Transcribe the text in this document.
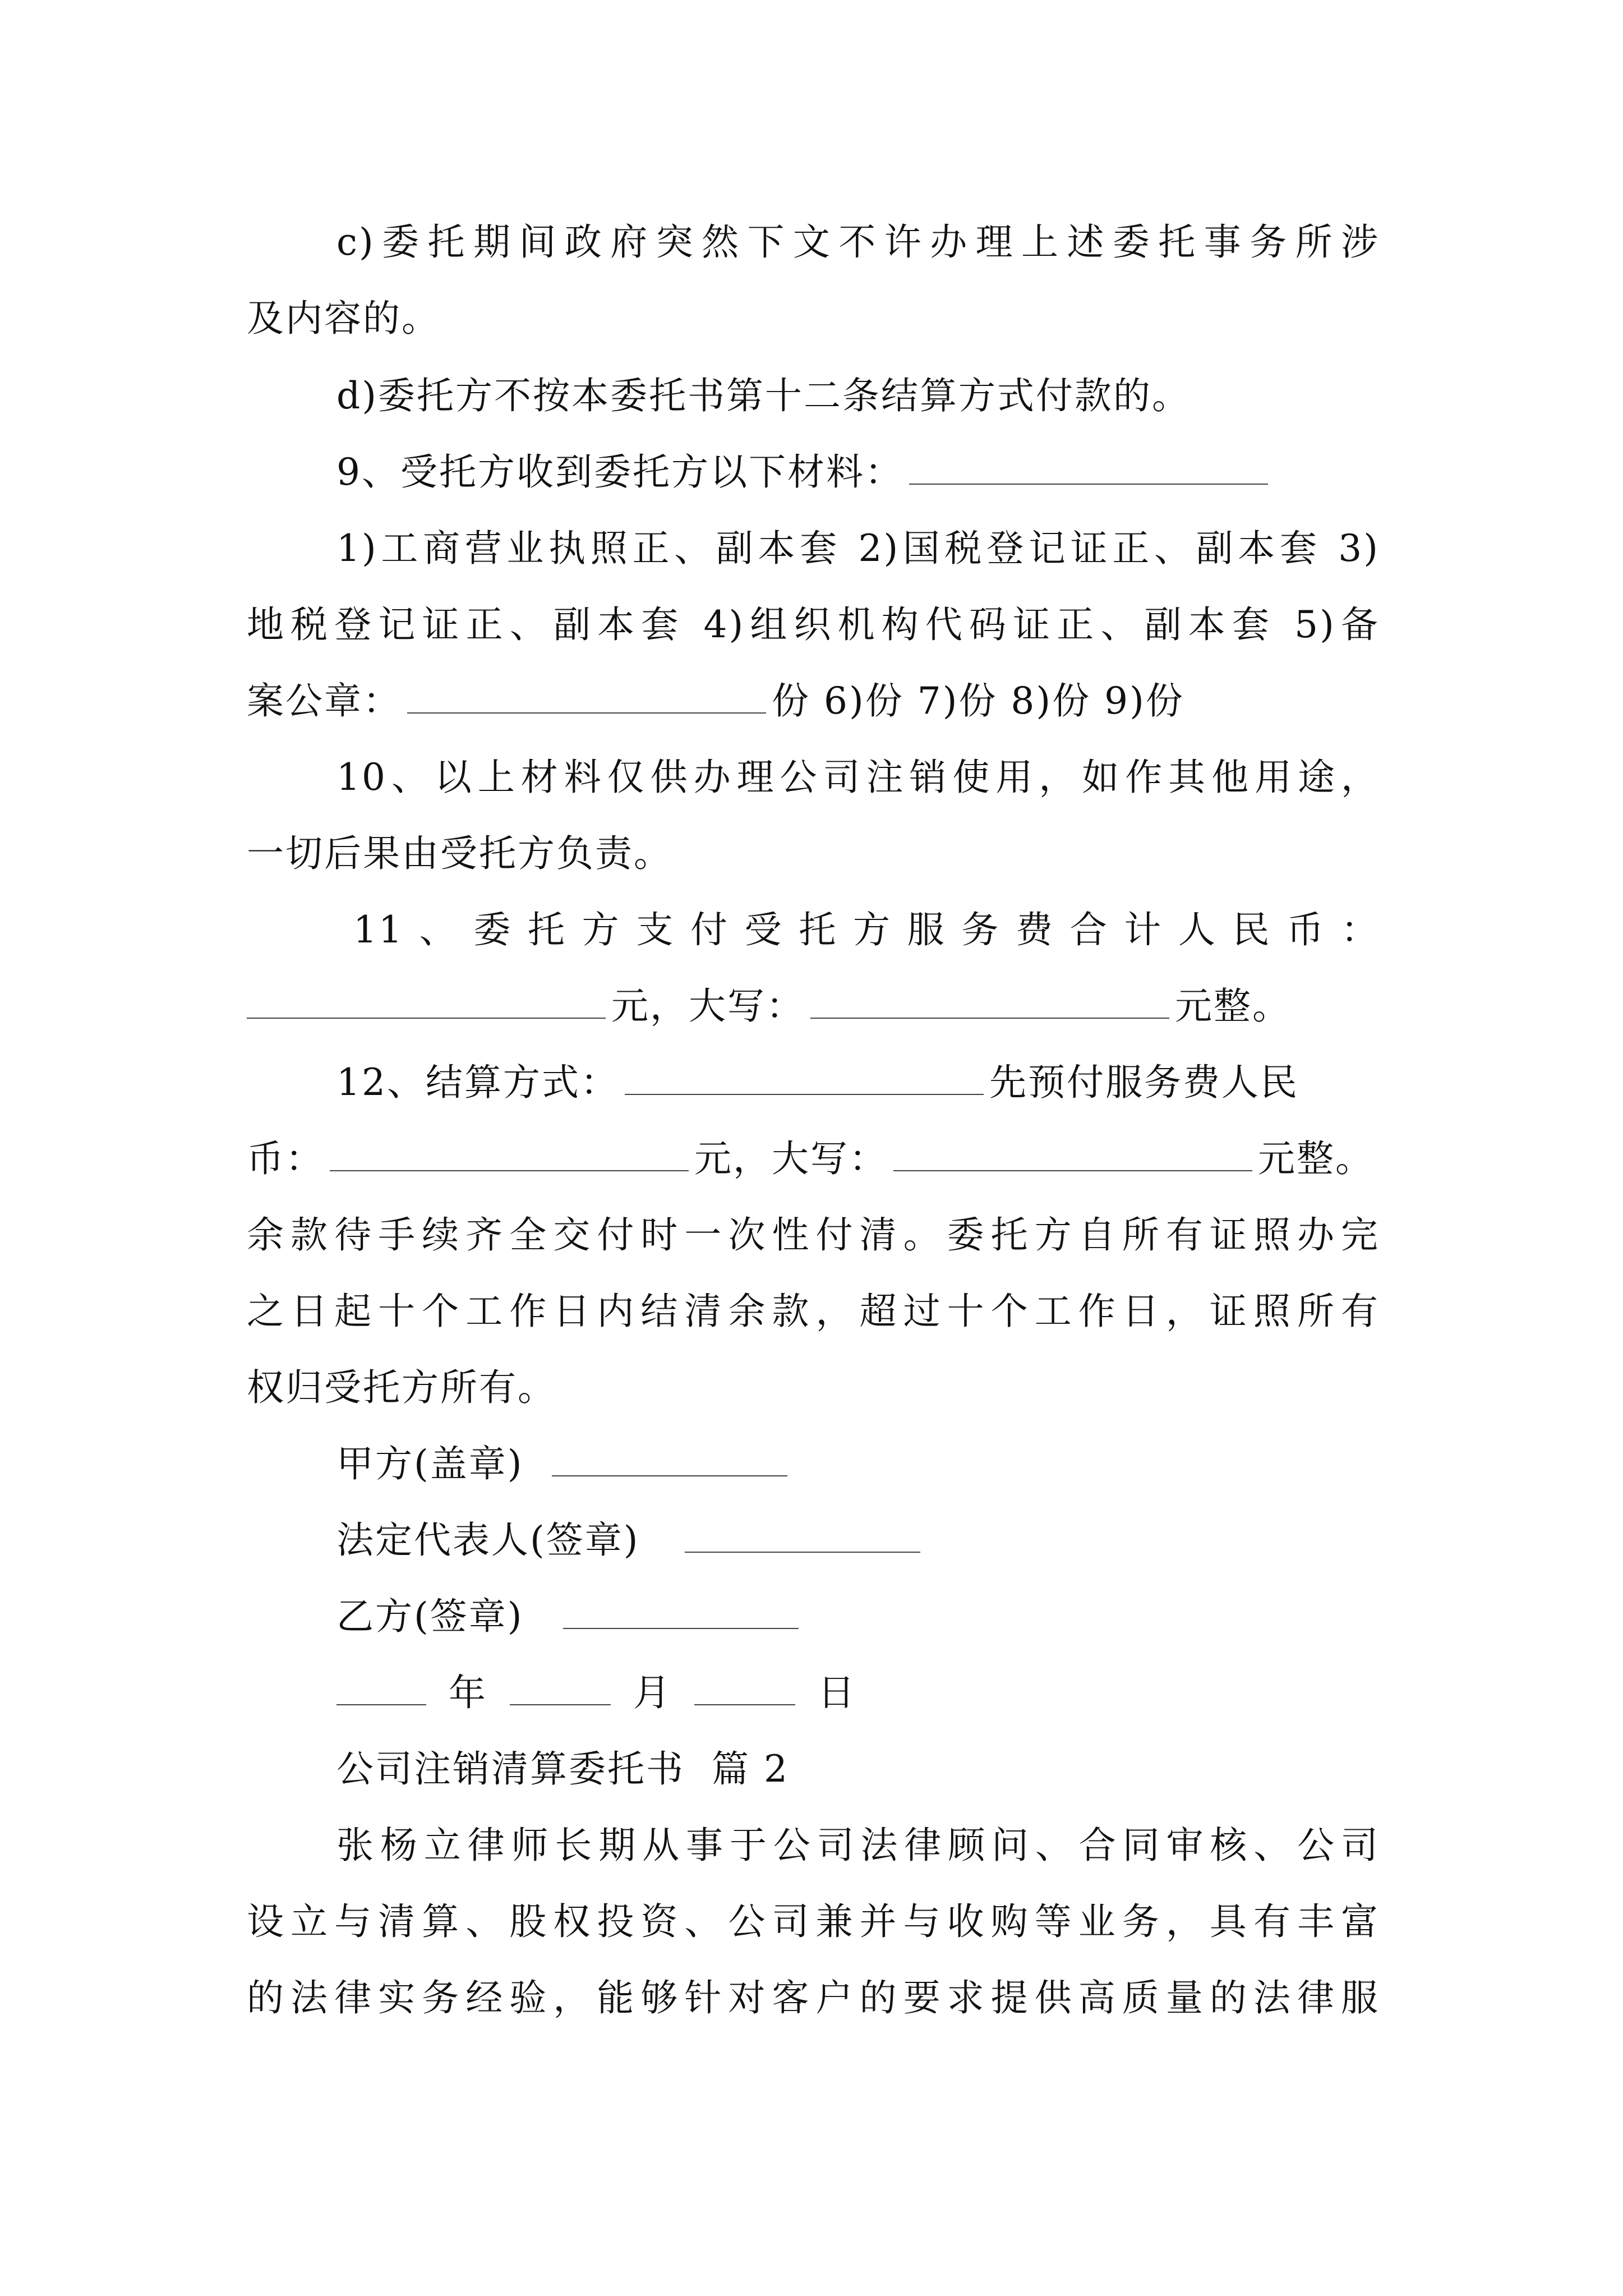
c)委托期间政府突然下文不许办理上述委托事务所涉
及内容的。
d)委托方不按本委托书第十二条结算方式付款的。
9、受托方收到委托方以下材料：
1)工商营业执照正、副本套 2)国税登记证正、副本套 3)
地税登记证正、副本套 4)组织机构代码证正、副本套 5)备
案公章：	份 6)份 7)份 8)份 9)份
10、以上材料仅供办理公司注销使用，如作其他用途，
一切后果由受托方负责。
11、委托方支付受托方服务费合计人民币：
元，大写：	元整。
12、结算方式：	先预付服务费人民
币：	元，大写：	元整。
余款待手续齐全交付时一次性付清。委托方自所有证照办完
之日起十个工作日内结清余款，超过十个工作日，证照所有
权归受托方所有。
甲方(盖章)
法定代表人(签章)
乙方(签章)
年	月	日
公司注销清算委托书  篇 2
张杨立律师长期从事于公司法律顾问、合同审核、公司
设立与清算、股权投资、公司兼并与收购等业务，具有丰富
的法律实务经验，能够针对客户的要求提供高质量的法律服
